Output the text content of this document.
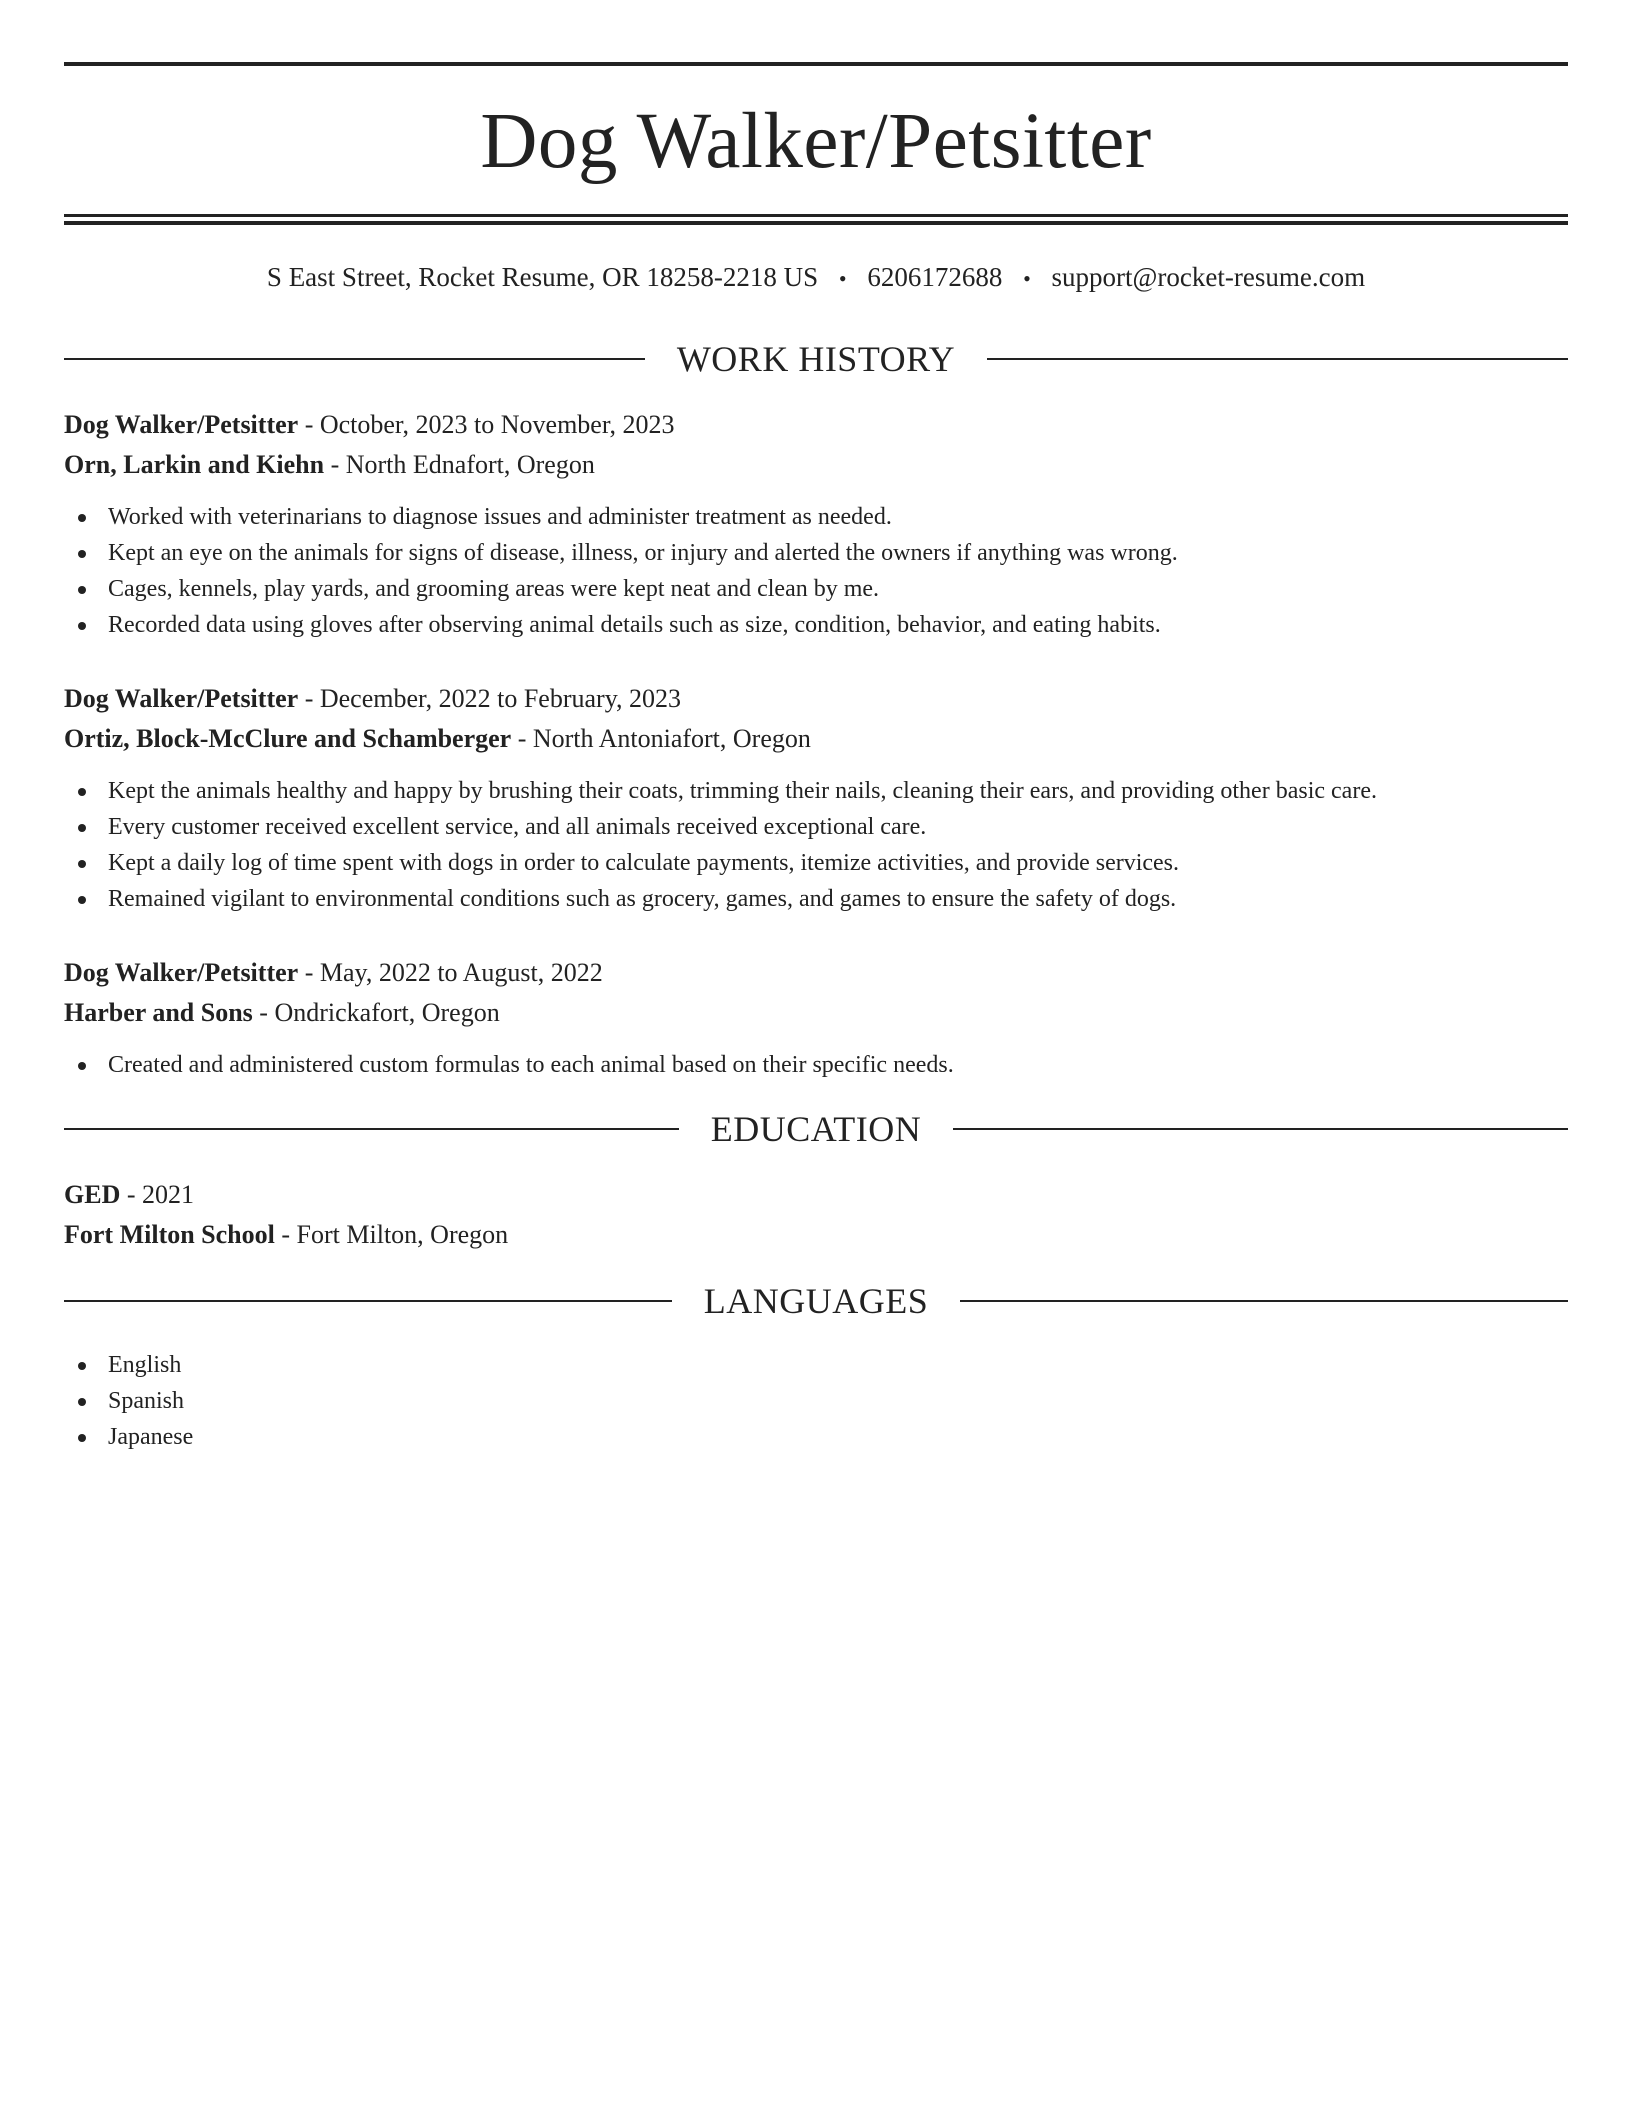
Dog Walker/Petsitter
S East Street, Rocket Resume, OR 18258-2218 US • 6206172688 • support@rocket-resume.com
WORK HISTORY
Dog Walker/Petsitter - October, 2023 to November, 2023
Orn, Larkin and Kiehn - North Ednafort, Oregon
Worked with veterinarians to diagnose issues and administer treatment as needed.
Kept an eye on the animals for signs of disease, illness, or injury and alerted the owners if anything was wrong.
Cages, kennels, play yards, and grooming areas were kept neat and clean by me.
Recorded data using gloves after observing animal details such as size, condition, behavior, and eating habits.
Dog Walker/Petsitter - December, 2022 to February, 2023
Ortiz, Block-McClure and Schamberger - North Antoniafort, Oregon
Kept the animals healthy and happy by brushing their coats, trimming their nails, cleaning their ears, and providing other basic care.
Every customer received excellent service, and all animals received exceptional care.
Kept a daily log of time spent with dogs in order to calculate payments, itemize activities, and provide services.
Remained vigilant to environmental conditions such as grocery, games, and games to ensure the safety of dogs.
Dog Walker/Petsitter - May, 2022 to August, 2022
Harber and Sons - Ondrickafort, Oregon
Created and administered custom formulas to each animal based on their specific needs.
EDUCATION
GED - 2021
Fort Milton School - Fort Milton, Oregon
LANGUAGES
English
Spanish
Japanese
